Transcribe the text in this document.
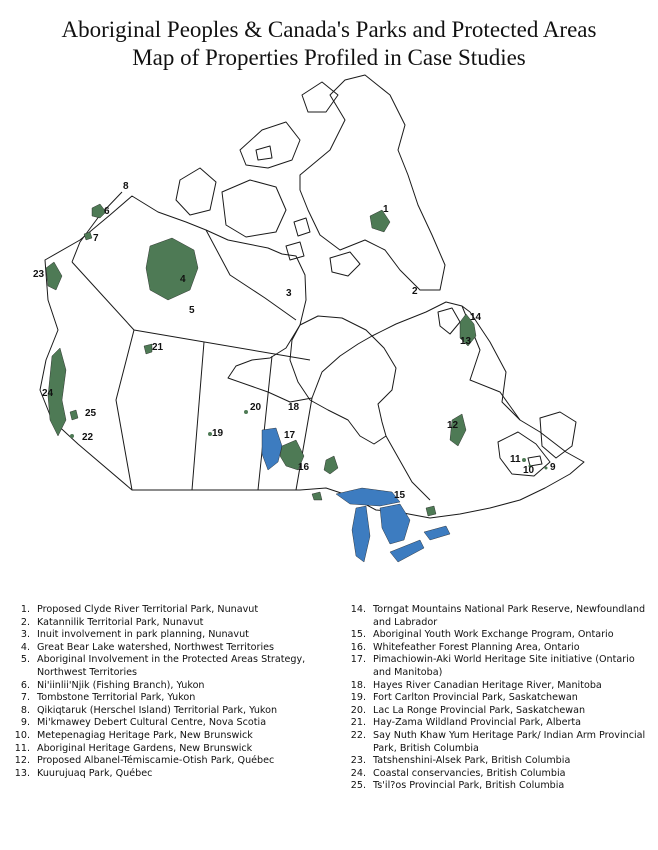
Aboriginal Peoples & Canada's Parks and Protected Areas
Map of Properties Profiled in Case Studies
1
2
3
4
5
6
7
8
9
10
11
12
13
14
15
16
17
18
19
20
21
22
23
24
25
1. Proposed Clyde River Territorial Park, Nunavut
2. Katannilik Territorial Park, Nunavut
3. Inuit involvement in park planning, Nunavut
4. Great Bear Lake watershed, Northwest Territories
5. Aboriginal Involvement in the Protected Areas Strategy, Northwest Territories
6. Ni'iinlii'Njik (Fishing Branch), Yukon
7. Tombstone Territorial Park, Yukon
8. Qikiqtaruk (Herschel Island) Territorial Park, Yukon
9. Mi'kmawey Debert Cultural Centre, Nova Scotia
10. Metepenagiag Heritage Park, New Brunswick
11. Aboriginal Heritage Gardens, New Brunswick
12. Proposed Albanel-Témiscamie-Otish Park, Québec
13. Kuurujuaq Park, Québec
14. Torngat Mountains National Park Reserve, Newfoundland and Labrador
15. Aboriginal Youth Work Exchange Program, Ontario
16. Whitefeather Forest Planning Area, Ontario
17. Pimachiowin-Aki World Heritage Site initiative (Ontario and Manitoba)
18. Hayes River Canadian Heritage River, Manitoba
19. Fort Carlton Provincial Park, Saskatchewan
20. Lac La Ronge Provincial Park, Saskatchewan
21. Hay-Zama Wildland Provincial Park, Alberta
22. Say Nuth Khaw Yum Heritage Park/ Indian Arm Provincial Park, British Columbia
23. Tatshenshini-Alsek Park, British Columbia
24. Coastal conservancies, British Columbia
25. Ts'il?os Provincial Park, British Columbia
